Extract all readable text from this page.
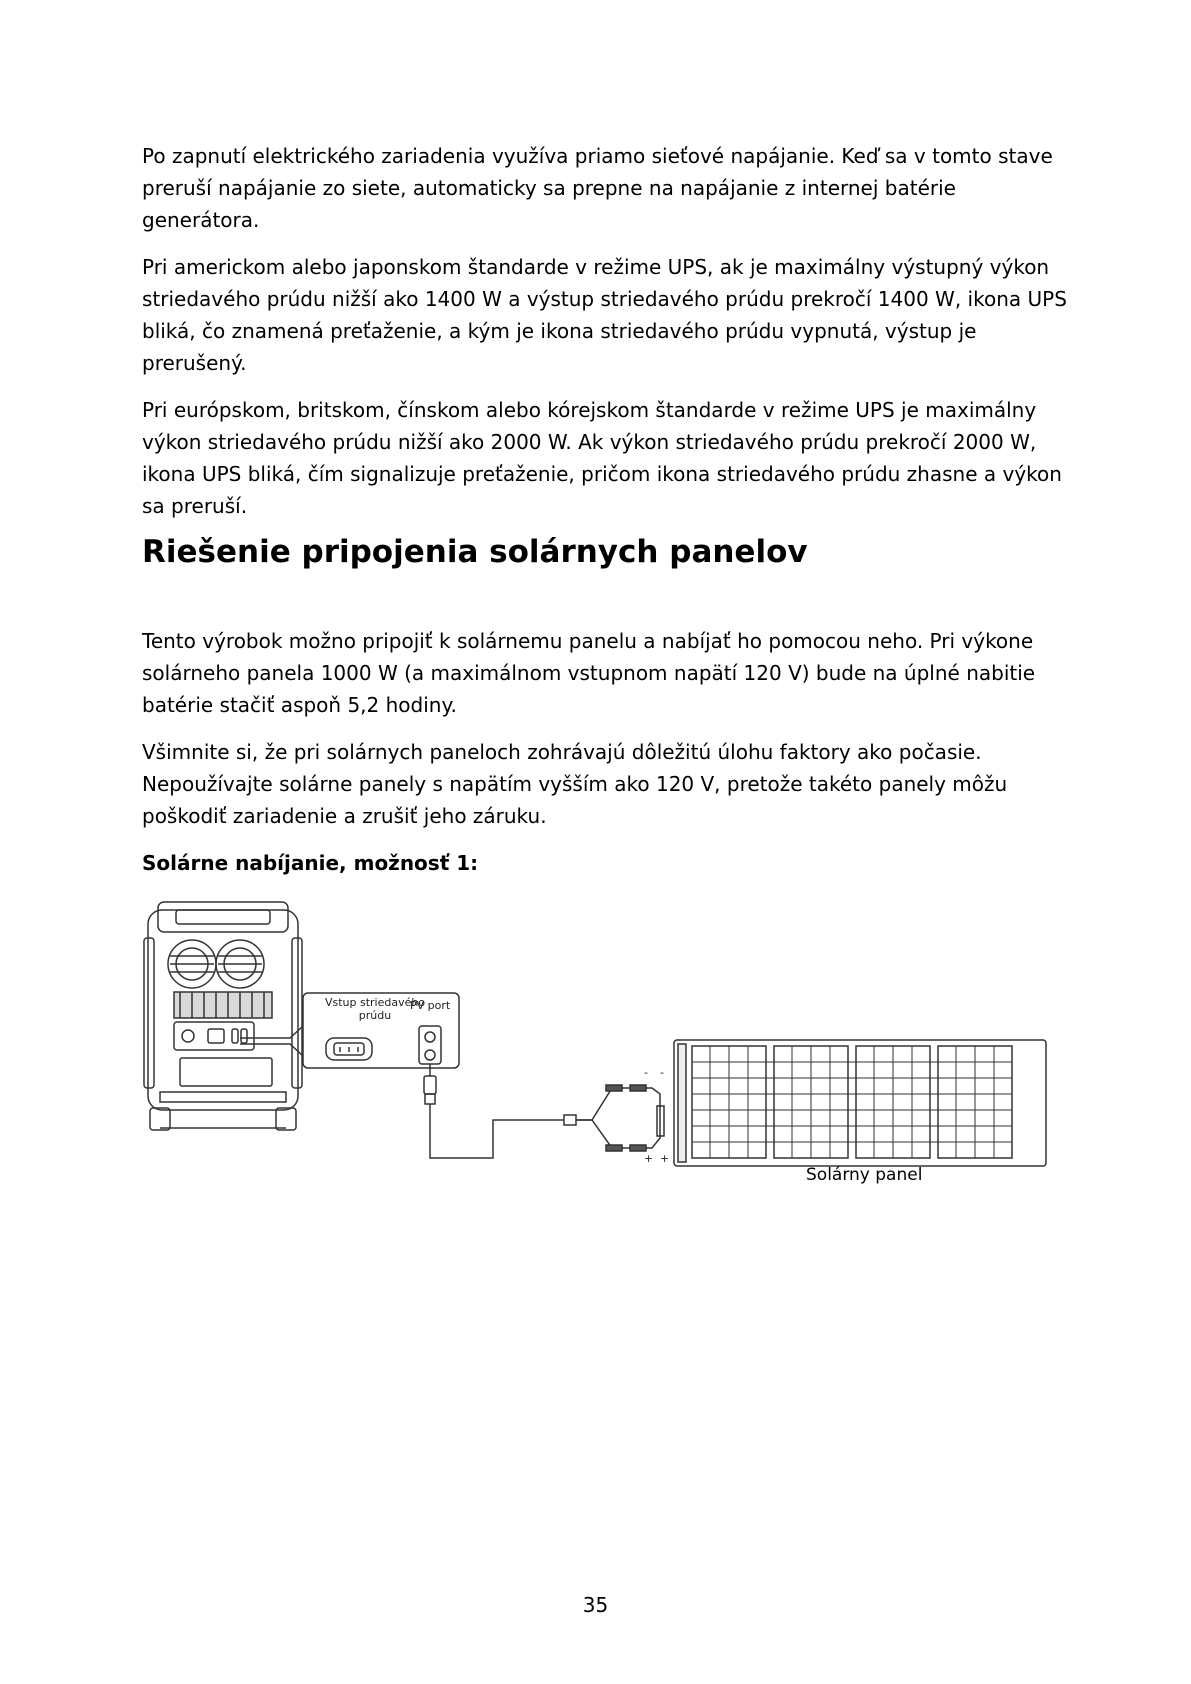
Po zapnutí elektrického zariadenia využíva priamo sieťové napájanie. Keď sa v tomto stave preruší napájanie zo siete, automaticky sa prepne na napájanie z internej batérie generátora.

Pri americkom alebo japonskom štandarde v režime UPS, ak je maximálny výstupný výkon striedavého prúdu nižší ako 1400 W a výstup striedavého prúdu prekročí 1400 W, ikona UPS bliká, čo znamená preťaženie, a kým je ikona striedavého prúdu vypnutá, výstup je prerušený.

Pri európskom, britskom, čínskom alebo kórejskom štandarde v režime UPS je maximálny výkon striedavého prúdu nižší ako 2000 W. Ak výkon striedavého prúdu prekročí 2000 W, ikona UPS bliká, čím signalizuje preťaženie, pričom ikona striedavého prúdu zhasne a výkon sa preruší.

Riešenie pripojenia solárnych panelov

Tento výrobok možno pripojiť k solárnemu panelu a nabíjať ho pomocou neho. Pri výkone solárneho panela 1000 W (a maximálnom vstupnom napätí 120 V) bude na úplné nabitie batérie stačiť aspoň 5,2 hodiny.

Všimnite si, že pri solárnych paneloch zohrávajú dôležitú úlohu faktory ako počasie. Nepoužívajte solárne panely s napätím vyšším ako 120 V, pretože takéto panely môžu poškodiť zariadenie a zrušiť jeho záruku.

Solárne nabíjanie, možnosť 1:

Vstup striedavého prúdu
PV port
- -
+ +
Solárny panel
35
